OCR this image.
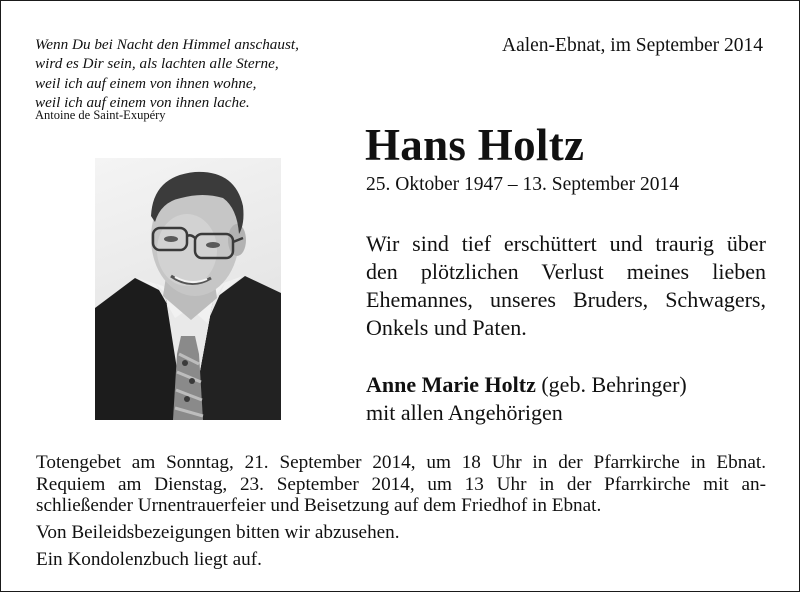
Wenn Du bei Nacht den Himmel anschaust,
wird es Dir sein, als lachten alle Sterne,
weil ich auf einem von ihnen wohne,
weil ich auf einem von ihnen lache.
Antoine de Saint-Exupéry
Aalen-Ebnat, im September 2014
Hans Holtz
25. Oktober 1947 – 13. September 2014
Wir sind tief erschüttert und traurig über
den plötzlichen Verlust meines lieben
Ehemannes, unseres Bruders, Schwagers,
Onkels und Paten.
Anne Marie Holtz (geb. Behringer)
mit allen Angehörigen
Totengebet am Sonntag, 21. September 2014, um 18 Uhr in der Pfarrkirche in Ebnat.
Requiem am Dienstag, 23. September 2014, um 13 Uhr in der Pfarrkirche mit an-
schließender Urnentrauerfeier und Beisetzung auf dem Friedhof in Ebnat.
Von Beileidsbezeigungen bitten wir abzusehen.
Ein Kondolenzbuch liegt auf.
